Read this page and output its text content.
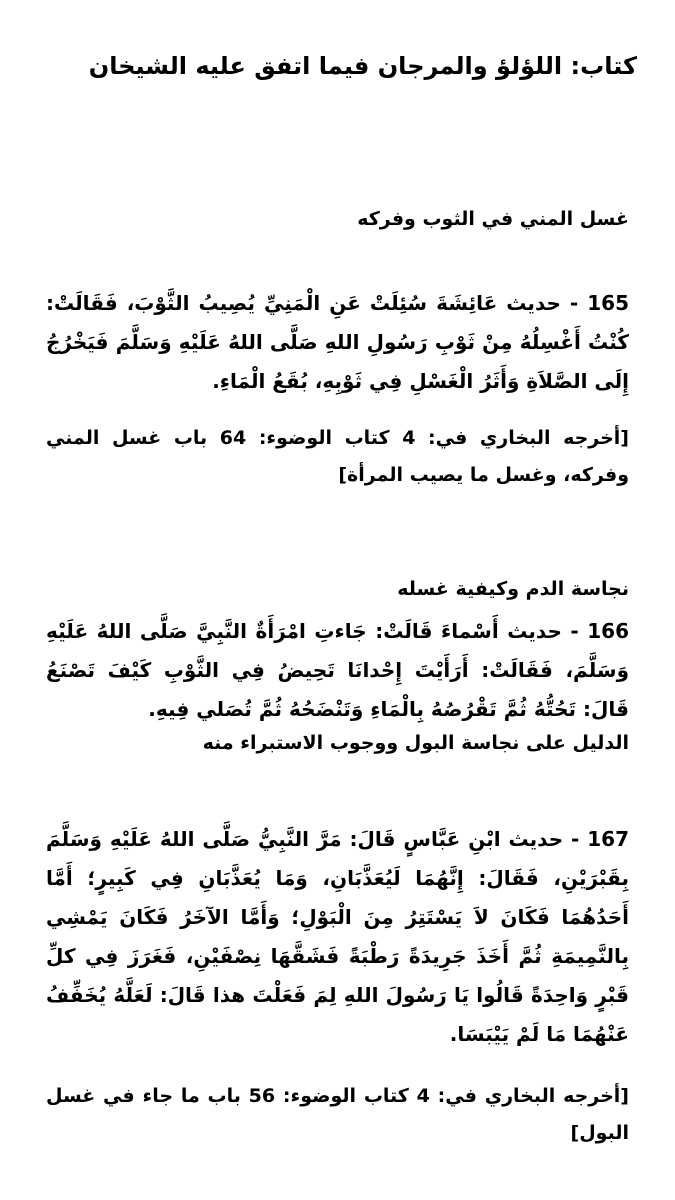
كتاب: اللؤلؤ والمرجان فيما اتفق عليه الشيخان
غسل المني في الثوب وفركه

165 - حديث عَائِشَةَ سُئِلَتْ عَنِ الْمَنِيِّ يُصِيبُ الثَّوْبَ، فَقَالَتْ: كُنْتُ أَغْسِلُهُ مِنْ ثَوْبِ رَسُولِ اللهِ صَلَّى اللهُ عَلَيْهِ وَسَلَّمَ فَيَخْرُجُ إِلَى الصَّلاَةِ وَأَثَرُ الْغَسْلِ فِي ثَوْبِهِ، بُقَعُ الْمَاءِ.

[أخرجه البخاري في: 4 كتاب الوضوء: 64 باب غسل المني وفركه، وغسل ما يصيب المرأة]

نجاسة الدم وكيفية غسله

166 - حديث أَسْماءَ قَالَتْ: جَاءتِ امْرَأَةٌ النَّبِيَّ صَلَّى اللهُ عَلَيْهِ وَسَلَّمَ، فَقَالَتْ: أَرَأَيْتَ إِحْدانَا تَحِيضُ فِي الثَّوْبِ كَيْفَ تَصْنَعُ قَالَ: تَحُتُّهُ ثُمَّ تَقْرُصُهُ بِالْمَاءِ وَتَنْضَحُهُ ثُمَّ تُصَلي فِيهِ.

الدليل على نجاسة البول ووجوب الاستبراء منه

167 - حديث ابْنِ عَبَّاسٍ قَالَ: مَرَّ النَّبِيُّ صَلَّى اللهُ عَلَيْهِ وَسَلَّمَ بِقَبْرَيْنِ، فَقَالَ: إِنَّهُمَا لَيُعَذَّبَانِ، وَمَا يُعَذَّبَانِ فِي كَبِيرٍ؛ أَمَّا أَحَدُهُمَا فَكَانَ لاَ يَسْتَتِرُ مِنَ الْبَوْلِ؛ وَأَمَّا الآخَرُ فَكَانَ يَمْشِي بِالنَّمِيمَةِ ثُمَّ أَخَذَ جَرِيدَةً رَطْبَةً فَشَقَّهَا نِصْفَيْنِ، فَغَرَزَ فِي كلِّ قَبْرٍ وَاحِدَةً قَالُوا يَا رَسُولَ اللهِ لِمَ فَعَلْتَ هذا قَالَ: لَعَلَّهُ يُخَفِّفُ عَنْهُمَا مَا لَمْ يَيْبَسَا.

[أخرجه البخاري في: 4 كتاب الوضوء: 56 باب ما جاء في غسل البول]
